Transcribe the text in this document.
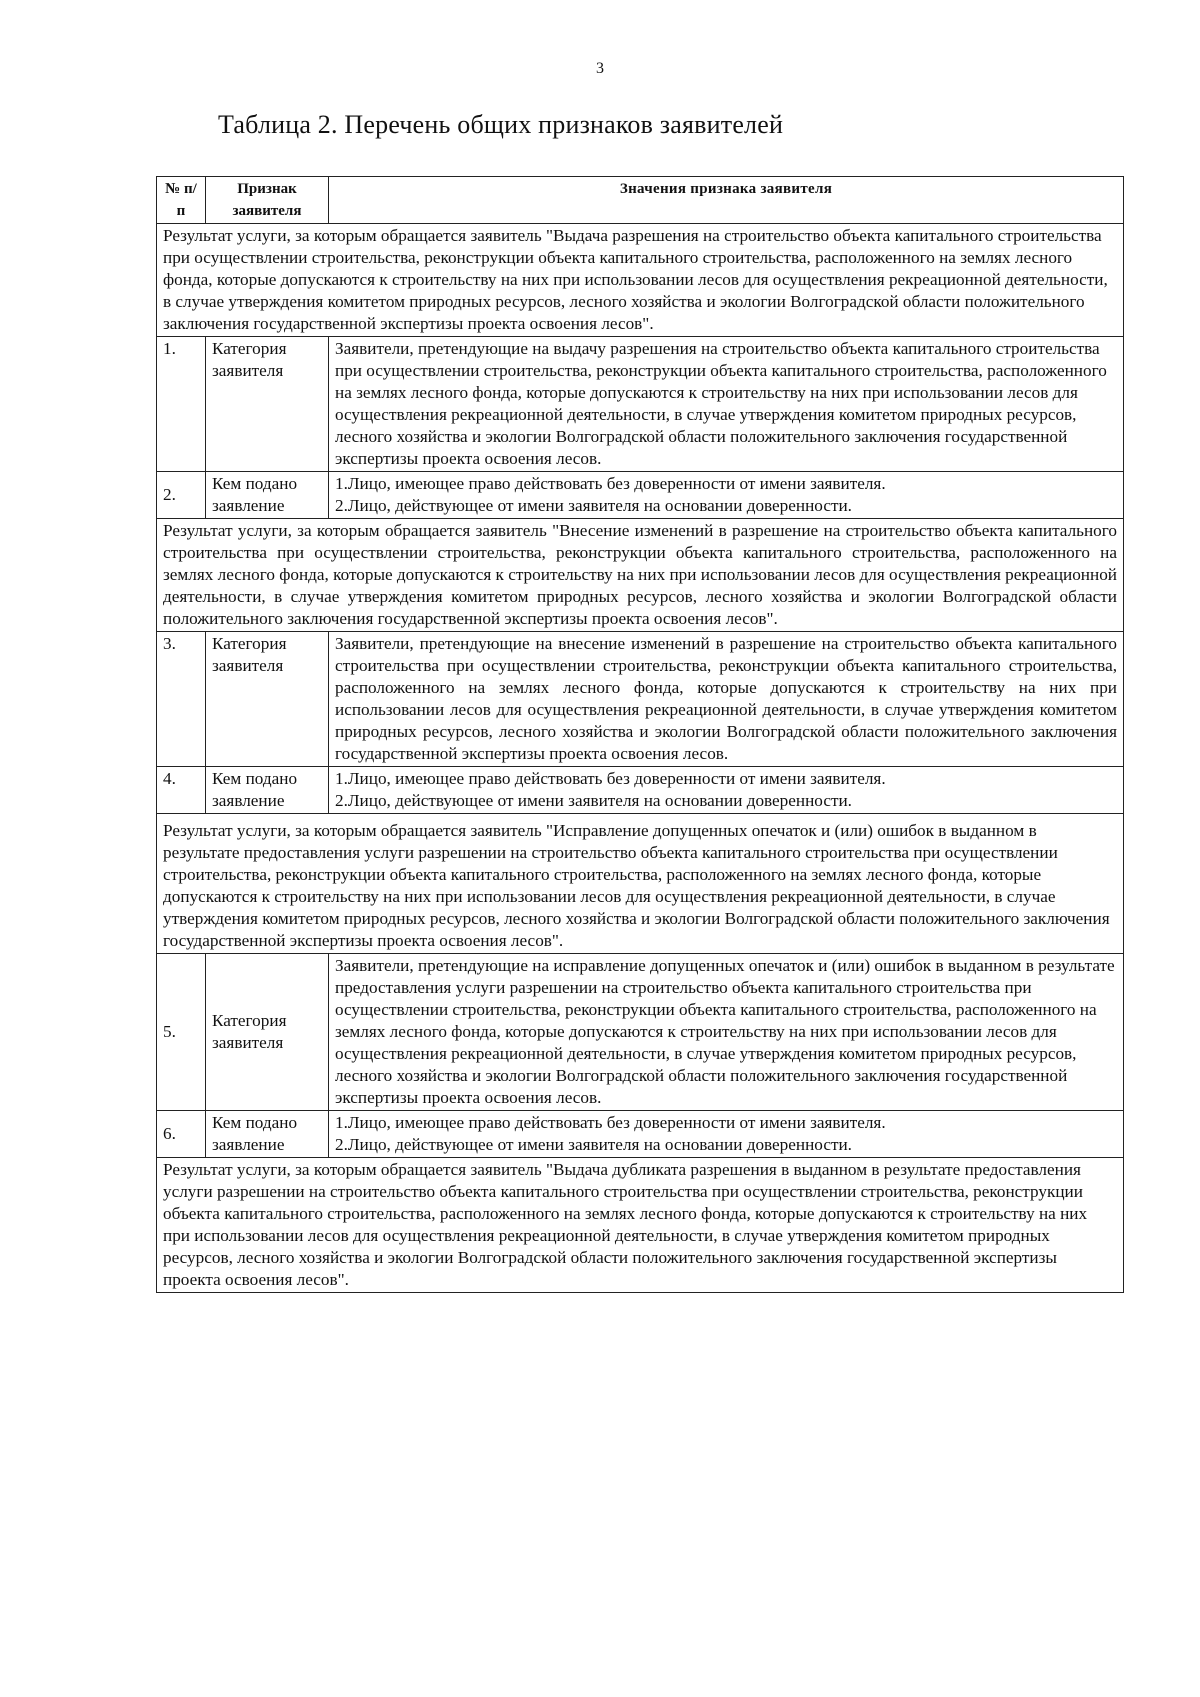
3
Таблица 2. Перечень общих признаков заявителей
№ п/п	Признак заявителя	Значения признака заявителя
Результат услуги, за которым обращается заявитель "Выдача разрешения на строительство объекта капитального строительства при осуществлении строительства, реконструкции объекта капитального строительства, расположенного на землях лесного фонда, которые допускаются к строительству на них при использовании лесов для осуществления рекреационной деятельности, в случае утверждения комитетом природных ресурсов, лесного хозяйства и экологии Волгоградской области положительного заключения государственной экспертизы проекта освоения лесов".		
1.	Категория заявителя	Заявители, претендующие на выдачу разрешения на строительство объекта капитального строительства при осуществлении строительства, реконструкции объекта капитального строительства, расположенного на землях лесного фонда, которые допускаются к строительству на них при использовании лесов для осуществления рекреационной деятельности, в случае утверждения комитетом природных ресурсов, лесного хозяйства и экологии Волгоградской области положительного заключения государственной экспертизы проекта освоения лесов.
2.	Кем подано заявление	1.Лицо, имеющее право действовать без доверенности от имени заявителя.
2.Лицо, действующее от имени заявителя на основании доверенности.

Результат услуги, за которым обращается заявитель "Внесение изменений в разрешение на строительство объекта капитального строительства при осуществлении строительства, реконструкции объекта капитального строительства, расположенного на землях лесного фонда, которые допускаются к строительству на них при использовании лесов для осуществления рекреационной деятельности, в случае утверждения комитетом природных ресурсов, лесного хозяйства и экологии Волгоградской области положительного заключения государственной экспертизы проекта освоения лесов".		
3.	Категория заявителя	Заявители, претендующие на внесение изменений в разрешение на строительство объекта капитального строительства при осуществлении строительства, реконструкции объекта капитального строительства, расположенного на землях лесного фонда, которые допускаются к строительству на них при использовании лесов для осуществления рекреационной деятельности, в случае утверждения комитетом природных ресурсов, лесного хозяйства и экологии Волгоградской области положительного заключения государственной экспертизы проекта освоения лесов.
4.	Кем подано заявление	1.Лицо, имеющее право действовать без доверенности от имени заявителя.
2.Лицо, действующее от имени заявителя на основании доверенности.

Результат услуги, за которым обращается заявитель "Исправление допущенных опечаток и (или) ошибок в выданном в результате предоставления услуги разрешении на строительство объекта капитального строительства при осуществлении строительства, реконструкции объекта капитального строительства, расположенного на землях лесного фонда, которые допускаются к строительству на них при использовании лесов для осуществления рекреационной деятельности, в случае утверждения комитетом природных ресурсов, лесного хозяйства и экологии Волгоградской области положительного заключения государственной экспертизы проекта освоения лесов".		
5.	Категория заявителя	Заявители, претендующие на исправление допущенных опечаток и (или) ошибок в выданном в результате предоставления услуги разрешении на строительство объекта капитального строительства при осуществлении строительства, реконструкции объекта капитального строительства, расположенного на землях лесного фонда, которые допускаются к строительству на них при использовании лесов для осуществления рекреационной деятельности, в случае утверждения комитетом природных ресурсов, лесного хозяйства и экологии Волгоградской области положительного заключения государственной экспертизы проекта освоения лесов.
6.	Кем подано заявление	1.Лицо, имеющее право действовать без доверенности от имени заявителя.
2.Лицо, действующее от имени заявителя на основании доверенности.

Результат услуги, за которым обращается заявитель "Выдача дубликата разрешения в выданном в результате предоставления услуги разрешении на строительство объекта капитального строительства при осуществлении строительства, реконструкции объекта капитального строительства, расположенного на землях лесного фонда, которые допускаются к строительству на них при использовании лесов для осуществления рекреационной деятельности, в случае утверждения комитетом природных ресурсов, лесного хозяйства и экологии Волгоградской области положительного заключения государственной экспертизы проекта освоения лесов".		
